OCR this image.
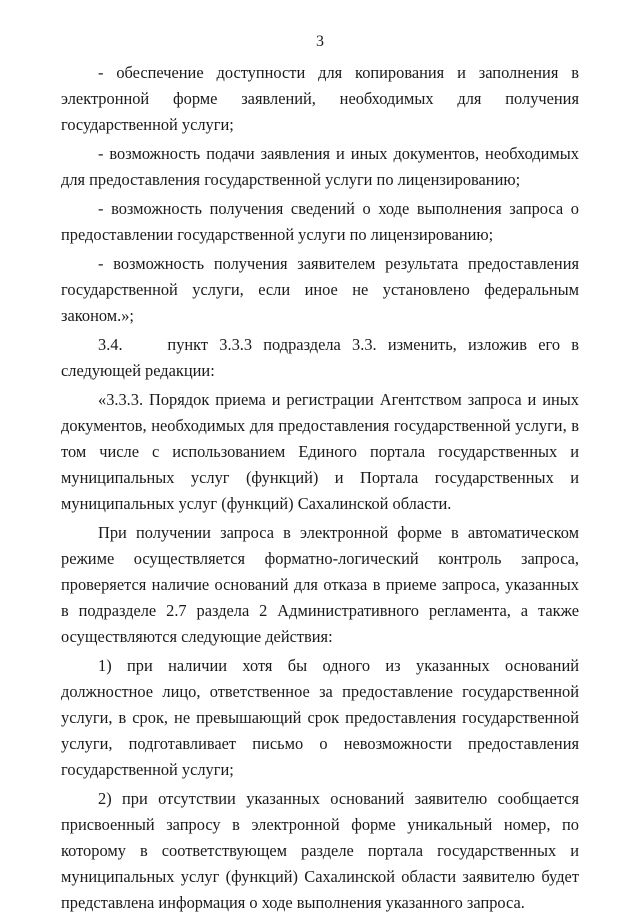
3

- обеспечение доступности для копирования и заполнения в электронной форме заявлений, необходимых для получения государственной услуги;

- возможность подачи заявления и иных документов, необходимых для предоставления государственной услуги по лицензированию;

- возможность получения сведений о ходе выполнения запроса о предоставлении государственной услуги по лицензированию;

- возможность получения заявителем результата предоставления государственной услуги, если иное не установлено федеральным законом.»;

3.4.    пункт 3.3.3 подраздела 3.3. изменить, изложив его в следующей редакции:

«3.3.3. Порядок приема и регистрации Агентством запроса и иных документов, необходимых для предоставления государственной услуги, в том числе с использованием Единого портала государственных и муниципальных услуг (функций) и Портала государственных и муниципальных услуг (функций) Сахалинской области.

При получении запроса в электронной форме в автоматическом режиме осуществляется форматно-логический контроль запроса, проверяется наличие оснований для отказа в приеме запроса, указанных в подразделе 2.7 раздела 2 Административного регламента, а также осуществляются следующие действия:

1) при наличии хотя бы одного из указанных оснований должностное лицо, ответственное за предоставление государственной услуги, в срок, не превышающий срок предоставления государственной услуги, подготавливает письмо о невозможности предоставления государственной услуги;

2) при отсутствии указанных оснований заявителю сообщается присвоенный запросу в электронной форме уникальный номер, по которому в соответствующем разделе портала государственных и муниципальных услуг (функций) Сахалинской области заявителю будет представлена информация о ходе выполнения указанного запроса.
